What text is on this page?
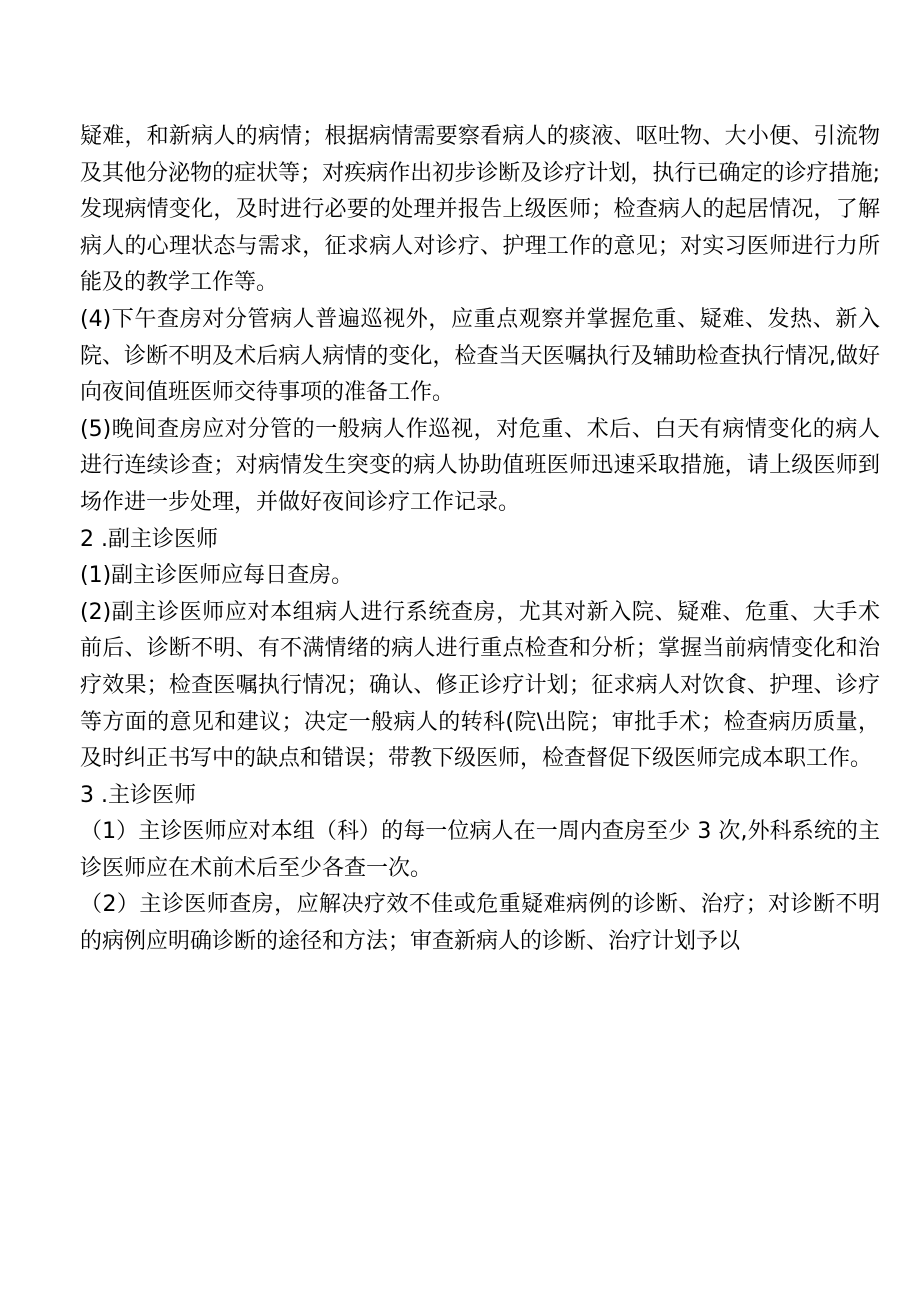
疑难，和新病人的病情；根据病情需要察看病人的痰液、呕吐物、大小便、引流物及其他分泌物的症状等；对疾病作出初步诊断及诊疗计划，执行已确定的诊疗措施;发现病情变化，及时进行必要的处理并报告上级医师；检查病人的起居情况，了解病人的心理状态与需求，征求病人对诊疗、护理工作的意见；对实习医师进行力所能及的教学工作等。

(4)下午查房对分管病人普遍巡视外，应重点观察并掌握危重、疑难、发热、新入院、诊断不明及术后病人病情的变化，检查当天医嘱执行及辅助检查执行情况,做好向夜间值班医师交待事项的准备工作。

(5)晚间查房应对分管的一般病人作巡视，对危重、术后、白天有病情变化的病人进行连续诊查；对病情发生突变的病人协助值班医师迅速采取措施，请上级医师到场作进一步处理，并做好夜间诊疗工作记录。

2 .副主诊医师

(1)副主诊医师应每日查房。

(2)副主诊医师应对本组病人进行系统查房，尤其对新入院、疑难、危重、大手术前后、诊断不明、有不满情绪的病人进行重点检查和分析；掌握当前病情变化和治疗效果；检查医嘱执行情况；确认、修正诊疗计划；征求病人对饮食、护理、诊疗等方面的意见和建议；决定一般病人的转科(院\出院；审批手术；检查病历质量，及时纠正书写中的缺点和错误；带教下级医师，检查督促下级医师完成本职工作。

3 .主诊医师

（1）主诊医师应对本组（科）的每一位病人在一周内查房至少 3 次,外科系统的主诊医师应在术前术后至少各查一次。

（2）主诊医师查房，应解决疗效不佳或危重疑难病例的诊断、治疗；对诊断不明的病例应明确诊断的途径和方法；审查新病人的诊断、治疗计划予以
